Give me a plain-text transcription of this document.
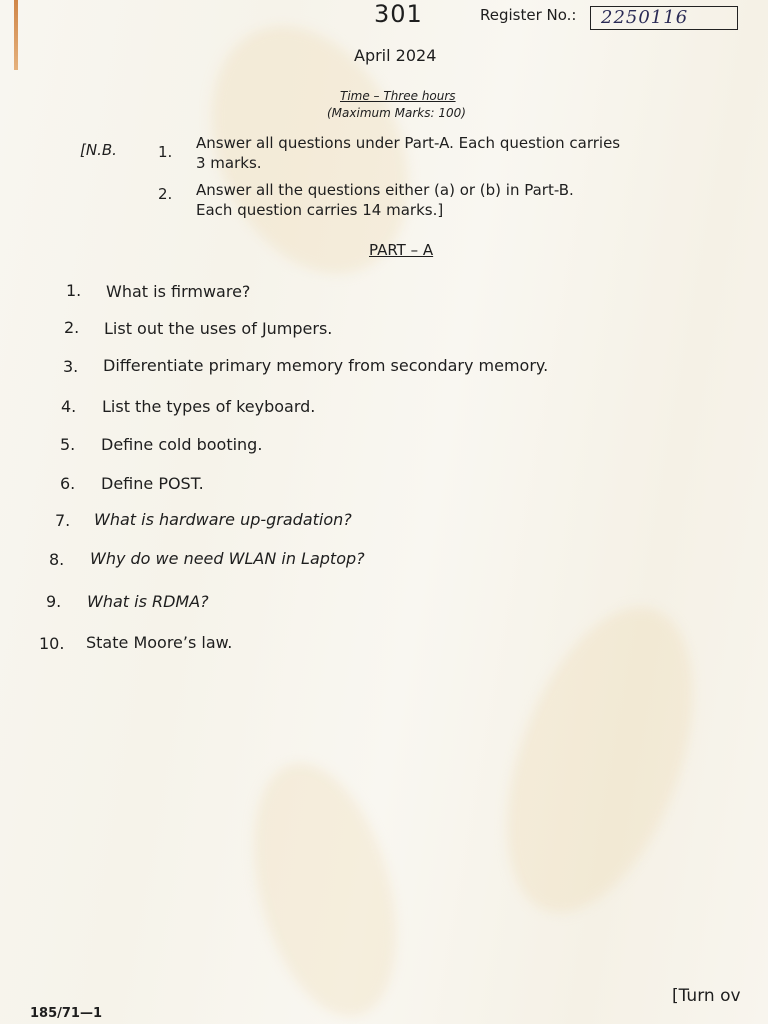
301	Register No.: 2250116
April 2024
Time – Three hours
(Maximum Marks: 100)
[N.B.	1. Answer all questions under Part-A. Each question carries
3 marks.
2. Answer all the questions either (a) or (b) in Part-B.
Each question carries 14 marks.]
PART – A
1. What is firmware?
2. List out the uses of Jumpers.
3. Differentiate primary memory from secondary memory.
4. List the types of keyboard.
5. Define cold booting.
6. Define POST.
7. What is hardware up-gradation?
8. Why do we need WLAN in Laptop?
9. What is RDMA?
10. State Moore’s law.
[Turn ov
185/71—1
